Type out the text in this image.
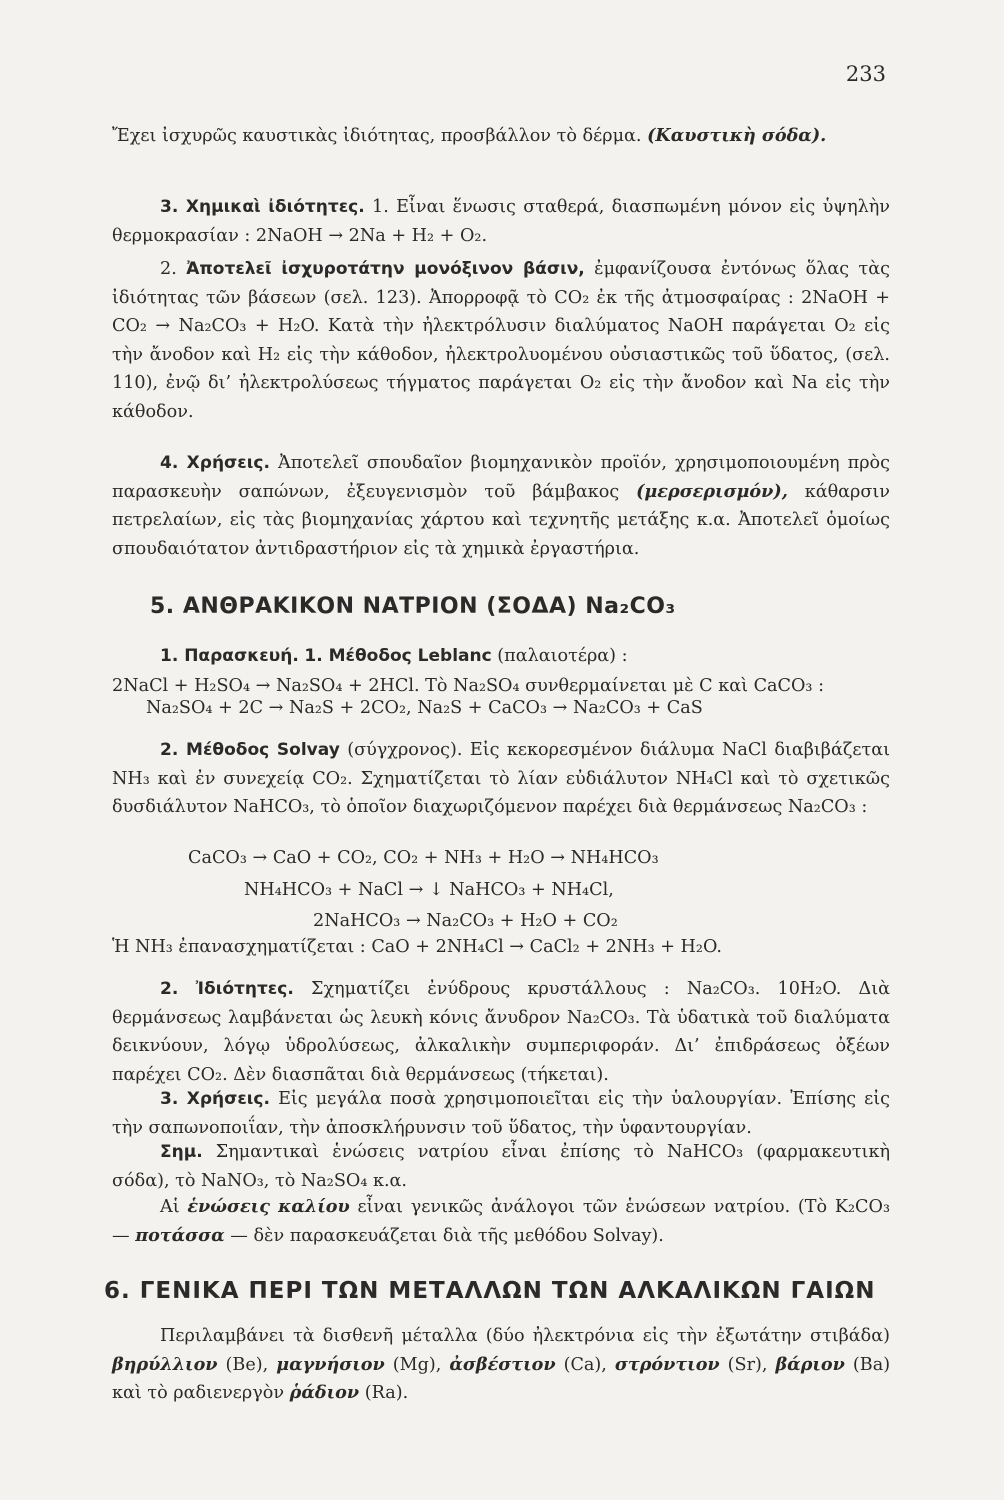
233

Ἔχει ἰσχυρῶς καυστικὰς ἰδιότητας, προσβάλλον τὸ δέρμα. (Καυστικὴ σόδα).

3. Χημικαὶ ἰδιότητες. 1. Εἶναι ἕνωσις σταθερά, διασπωμένη μόνον εἰς ὑψηλὴν θερμοκρασίαν : 2NaOH → 2Na + H₂ + O₂.

2. Ἀποτελεῖ ἰσχυροτάτην μονόξινον βάσιν, ἐμφανίζουσα ἐντόνως ὅλας τὰς ἰδιότητας τῶν βάσεων (σελ. 123). Ἀπορροφᾷ τὸ CO₂ ἐκ τῆς ἀτμοσφαίρας : 2NaOH + CO₂ → Na₂CO₃ + H₂O. Κατὰ τὴν ἠλεκτρόλυσιν διαλύματος NaOH παράγεται O₂ εἰς τὴν ἄνοδον καὶ H₂ εἰς τὴν κάθοδον, ἠλεκτρολυομένου οὐσιαστικῶς τοῦ ὕδατος, (σελ. 110), ἐνῷ δι’ ἠλεκτρολύσεως τήγματος παράγεται O₂ εἰς τὴν ἄνοδον καὶ Na εἰς τὴν κάθοδον.

4. Χρήσεις. Ἀποτελεῖ σπουδαῖον βιομηχανικὸν προϊόν, χρησιμοποιουμένη πρὸς παρασκευὴν σαπώνων, ἐξευγενισμὸν τοῦ βάμβακος (μερσερισμόν), κάθαρσιν πετρελαίων, εἰς τὰς βιομηχανίας χάρτου καὶ τεχνητῆς μετάξης κ.α. Ἀποτελεῖ ὁμοίως σπουδαιότατον ἀντιδραστήριον εἰς τὰ χημικὰ ἐργαστήρια.

5. ΑΝΘΡΑΚΙΚΟΝ ΝΑΤΡΙΟΝ (ΣΟΔΑ) Na₂CO₃

1. Παρασκευή. 1. Μέθοδος Leblanc (παλαιοτέρα) :

2NaCl + H₂SO₄ → Na₂SO₄ + 2HCl. Τὸ Na₂SO₄ συνθερμαίνεται μὲ C καὶ CaCO₃ :

Na₂SO₄ + 2C → Na₂S + 2CO₂, Na₂S + CaCO₃ → Na₂CO₃ + CaS

2. Μέθοδος Solvay (σύγχρονος). Εἰς κεκορεσμένον διάλυμα NaCl διαβιβάζεται NH₃ καὶ ἐν συνεχείᾳ CO₂. Σχηματίζεται τὸ λίαν εὐδιάλυτον NH₄Cl καὶ τὸ σχετικῶς δυσδιάλυτον NaHCO₃, τὸ ὁποῖον διαχωριζόμενον παρέχει διὰ θερμάνσεως Na₂CO₃ :

CaCO₃ → CaO + CO₂, CO₂ + NH₃ + H₂O → NH₄HCO₃
NH₄HCO₃ + NaCl → ↓ NaHCO₃ + NH₄Cl,
2NaHCO₃ → Na₂CO₃ + H₂O + CO₂
Ἡ NH₃ ἐπανασχηματίζεται : CaO + 2NH₄Cl → CaCl₂ + 2NH₃ + H₂O.

2. Ἰδιότητες. Σχηματίζει ἐνύδρους κρυστάλλους : Na₂CO₃. 10H₂O. Διὰ θερμάνσεως λαμβάνεται ὡς λευκὴ κόνις ἄνυδρον Na₂CO₃. Τὰ ὑδατικὰ τοῦ διαλύματα δεικνύουν, λόγῳ ὑδρολύσεως, ἀλκαλικὴν συμπεριφοράν. Δι’ ἐπιδράσεως ὀξέων παρέχει CO₂. Δὲν διασπᾶται διὰ θερμάνσεως (τήκεται).

3. Χρήσεις. Εἰς μεγάλα ποσὰ χρησιμοποιεῖται εἰς τὴν ὑαλουργίαν. Ἐπίσης εἰς τὴν σαπωνοποιΐαν, τὴν ἀποσκλήρυνσιν τοῦ ὕδατος, τὴν ὑφαντουργίαν.

Σημ. Σημαντικαὶ ἑνώσεις νατρίου εἶναι ἐπίσης τὸ NaHCO₃ (φαρμακευτικὴ σόδα), τὸ NaNO₃, τὸ Na₂SO₄ κ.α.

Αἱ ἑνώσεις καλίου εἶναι γενικῶς ἀνάλογοι τῶν ἑνώσεων νατρίου. (Τὸ K₂CO₃ — ποτάσσα — δὲν παρασκευάζεται διὰ τῆς μεθόδου Solvay).

6. ΓΕΝΙΚΑ ΠΕΡΙ ΤΩΝ ΜΕΤΑΛΛΩΝ ΤΩΝ ΑΛΚΑΛΙΚΩΝ ΓΑΙΩΝ

Περιλαμβάνει τὰ δισθενῆ μέταλλα (δύο ἠλεκτρόνια εἰς τὴν ἐξωτάτην στιβάδα) βηρύλλιον (Be), μαγνήσιον (Mg), ἀσβέστιον (Ca), στρόντιον (Sr), βάριον (Ba) καὶ τὸ ραδιενεργὸν ῥάδιον (Ra).
